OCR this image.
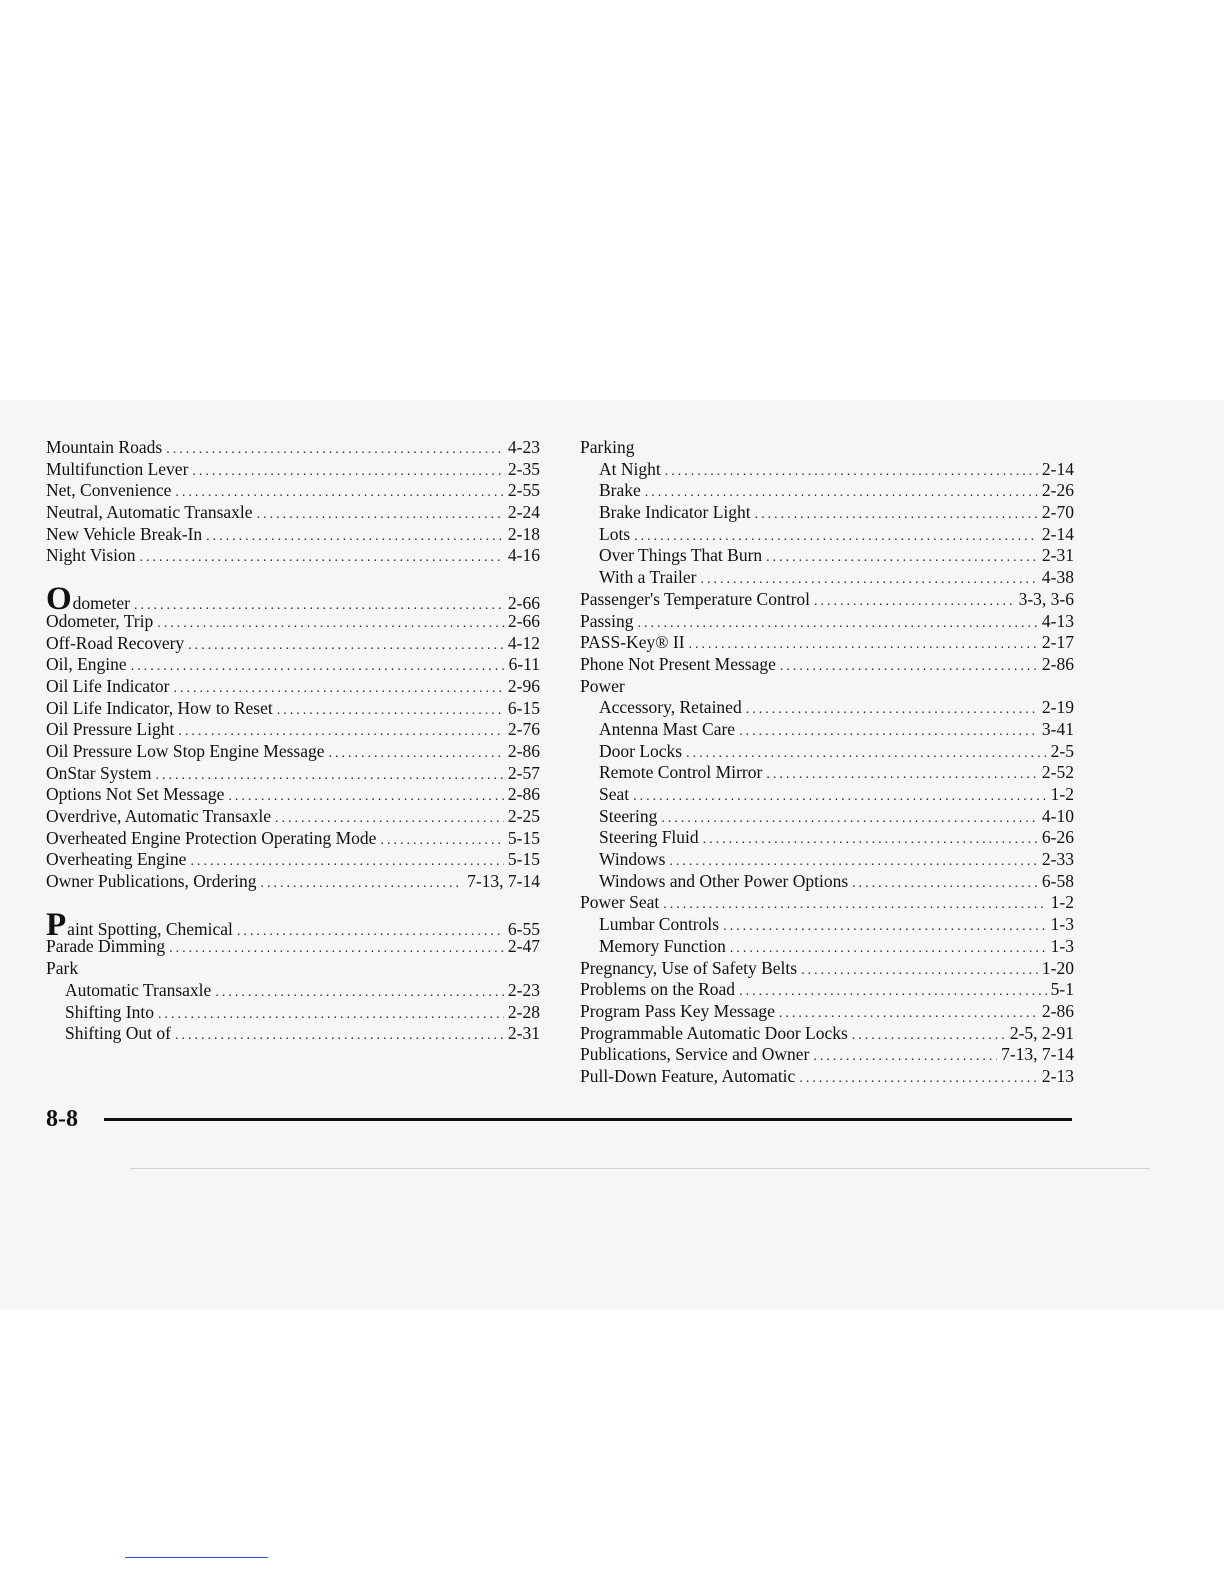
Mountain Roads .....	4-23
Multifunction Lever .....	2-35
Net, Convenience .....	2-55
Neutral, Automatic Transaxle .....	2-24
New Vehicle Break-In .....	2-18
Night Vision .....	4-16
Odometer .....	2-66
Odometer, Trip .....	2-66
Off-Road Recovery .....	4-12
Oil, Engine .....	6-11
Oil Life Indicator .....	2-96
Oil Life Indicator, How to Reset .....	6-15
Oil Pressure Light .....	2-76
Oil Pressure Low Stop Engine Message .....	2-86
OnStar System .....	2-57
Options Not Set Message .....	2-86
Overdrive, Automatic Transaxle .....	2-25
Overheated Engine Protection Operating Mode .....	5-15
Overheating Engine .....	5-15
Owner Publications, Ordering .....	7-13, 7-14
Paint Spotting, Chemical .....	6-55
Parade Dimming .....	2-47
Park
Automatic Transaxle .....	2-23
Shifting Into .....	2-28
Shifting Out of .....	2-31
Parking
At Night .....	2-14
Brake .....	2-26
Brake Indicator Light .....	2-70
Lots .....	2-14
Over Things That Burn .....	2-31
With a Trailer .....	4-38
Passenger's Temperature Control .....	3-3, 3-6
Passing .....	4-13
PASS-Key® II .....	2-17
Phone Not Present Message .....	2-86
Power
Accessory, Retained .....	2-19
Antenna Mast Care .....	3-41
Door Locks .....	2-5
Remote Control Mirror .....	2-52
Seat .....	1-2
Steering .....	4-10
Steering Fluid .....	6-26
Windows .....	2-33
Windows and Other Power Options .....	6-58
Power Seat .....	1-2
Lumbar Controls .....	1-3
Memory Function .....	1-3
Pregnancy, Use of Safety Belts .....	1-20
Problems on the Road .....	5-1
Program Pass Key Message .....	2-86
Programmable Automatic Door Locks .....	2-5, 2-91
Publications, Service and Owner .....	7-13, 7-14
Pull-Down Feature, Automatic .....	2-13
8-8
